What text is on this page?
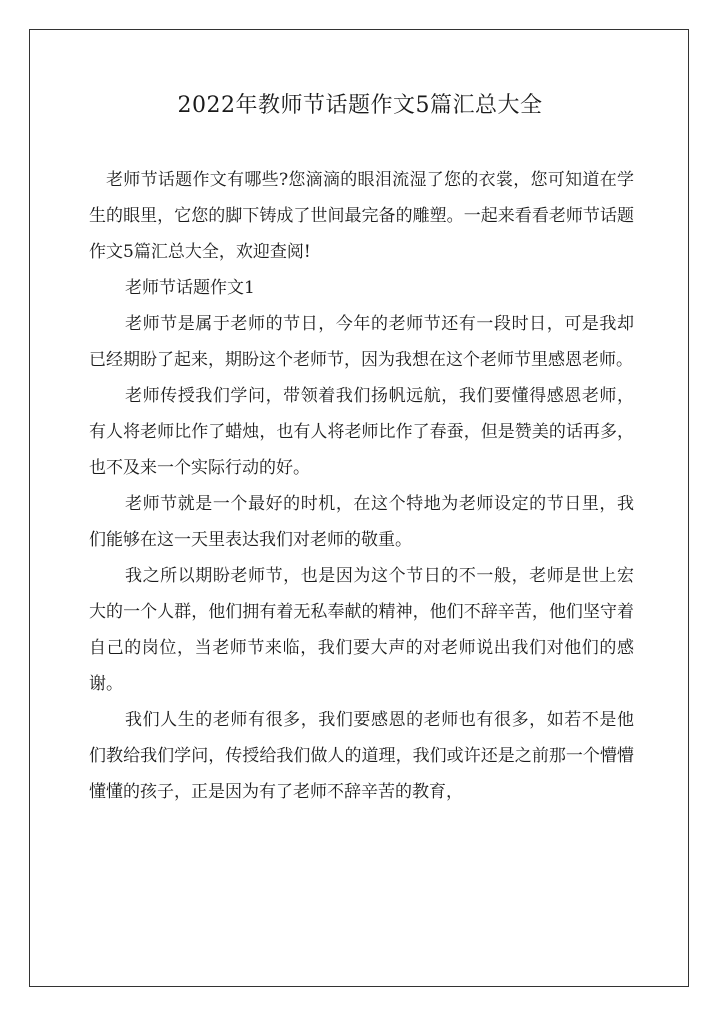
2022年教师节话题作文5篇汇总大全

老师节话题作文有哪些?您滴滴的眼泪流湿了您的衣裳，您可知道在学生的眼里，它您的脚下铸成了世间最完备的雕塑。一起来看看老师节话题作文5篇汇总大全，欢迎查阅!

老师节话题作文1

老师节是属于老师的节日，今年的老师节还有一段时日，可是我却已经期盼了起来，期盼这个老师节，因为我想在这个老师节里感恩老师。

老师传授我们学问，带领着我们扬帆远航，我们要懂得感恩老师，有人将老师比作了蜡烛，也有人将老师比作了春蚕，但是赞美的话再多，也不及来一个实际行动的好。

老师节就是一个最好的时机，在这个特地为老师设定的节日里，我们能够在这一天里表达我们对老师的敬重。

我之所以期盼老师节，也是因为这个节日的不一般，老师是世上宏大的一个人群，他们拥有着无私奉献的精神，他们不辞辛苦，他们坚守着自己的岗位，当老师节来临，我们要大声的对老师说出我们对他们的感谢。

我们人生的老师有很多，我们要感恩的老师也有很多，如若不是他们教给我们学问，传授给我们做人的道理，我们或许还是之前那一个懵懵懂懂的孩子，正是因为有了老师不辞辛苦的教育，
